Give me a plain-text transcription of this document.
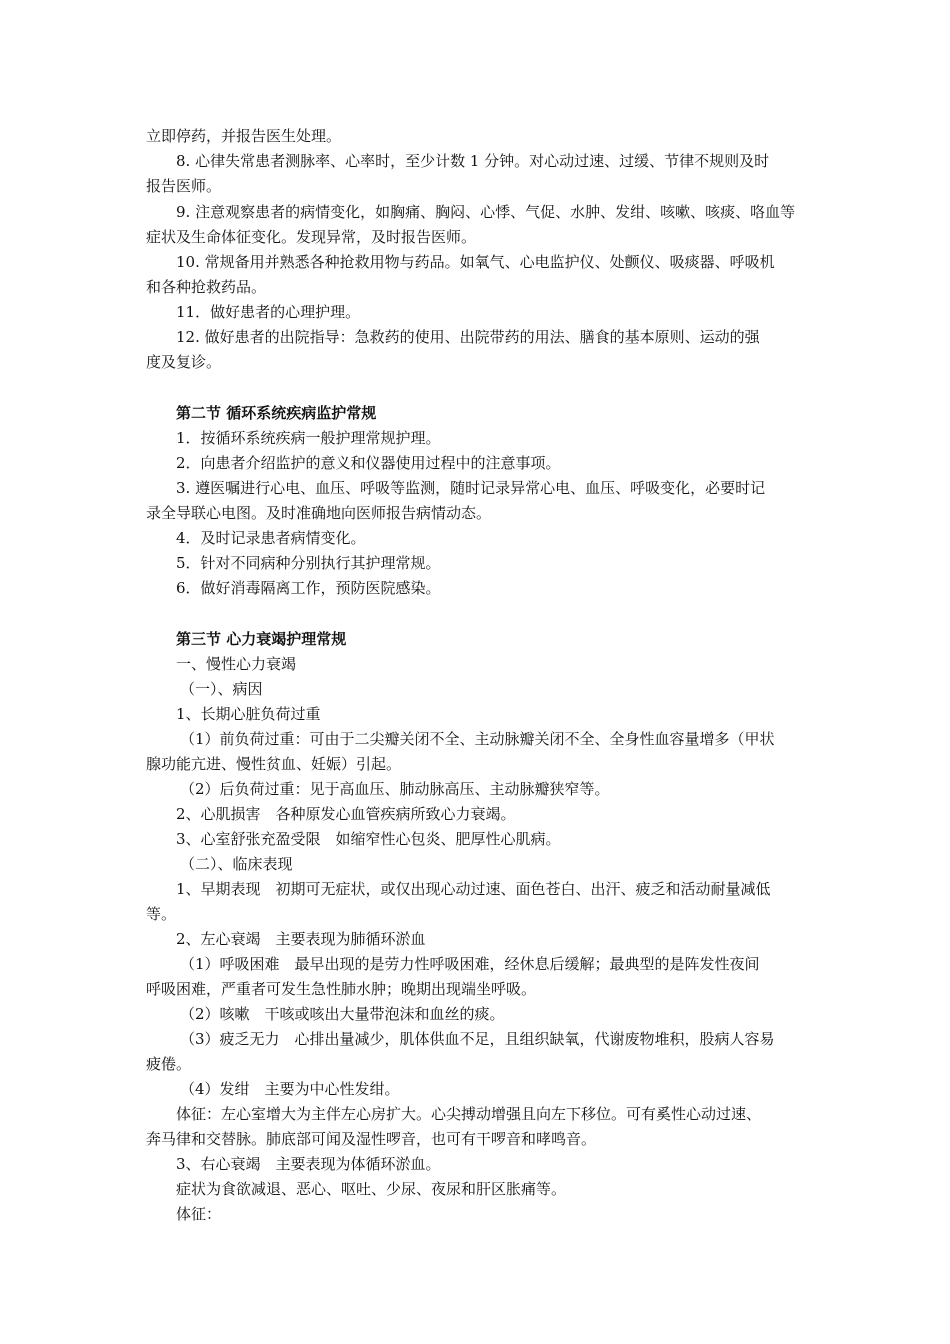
立即停药，并报告医生处理。
8. 心律失常患者测脉率、心率时，至少计数 1 分钟。对心动过速、过缓、节律不规则及时
报告医师。
9. 注意观察患者的病情变化，如胸痛、胸闷、心悸、气促、水肿、发绀、咳嗽、咳痰、咯血等
症状及生命体征变化。发现异常，及时报告医师。
10. 常规备用并熟悉各种抢救用物与药品。如氧气、心电监护仪、处颤仪、吸痰器、呼吸机
和各种抢救药品。
11．做好患者的心理护理。
12. 做好患者的出院指导：急救药的使用、出院带药的用法、膳食的基本原则、运动的强
度及复诊。
第二节 循环系统疾病监护常规
1．按循环系统疾病一般护理常规护理。
2．向患者介绍监护的意义和仪器使用过程中的注意事项。
3. 遵医嘱进行心电、血压、呼吸等监测，随时记录异常心电、血压、呼吸变化，必要时记
录全导联心电图。及时准确地向医师报告病情动态。
4．及时记录患者病情变化。
5．针对不同病种分别执行其护理常规。
6．做好消毒隔离工作，预防医院感染。
第三节 心力衰竭护理常规
一、慢性心力衰竭
（一）、病因
1、长期心脏负荷过重
（1）前负荷过重：可由于二尖瓣关闭不全、主动脉瓣关闭不全、全身性血容量增多（甲状
腺功能亢进、慢性贫血、妊娠）引起。
（2）后负荷过重：见于高血压、肺动脉高压、主动脉瓣狭窄等。
2、心肌损害　各种原发心血管疾病所致心力衰竭。
3、心室舒张充盈受限　如缩窄性心包炎、肥厚性心肌病。
（二）、临床表现
1、早期表现　初期可无症状，或仅出现心动过速、面色苍白、出汗、疲乏和活动耐量减低
等。
2、左心衰竭　主要表现为肺循环淤血
（1）呼吸困难　最早出现的是劳力性呼吸困难，经休息后缓解；最典型的是阵发性夜间
呼吸困难，严重者可发生急性肺水肿；晚期出现端坐呼吸。
（2）咳嗽　干咳或咳出大量带泡沫和血丝的痰。
（3）疲乏无力　心排出量减少，肌体供血不足，且组织缺氧，代谢废物堆积，股病人容易
疲倦。
（4）发绀　主要为中心性发绀。
体征：左心室增大为主伴左心房扩大。心尖搏动增强且向左下移位。可有奚性心动过速、
奔马律和交替脉。肺底部可闻及湿性啰音，也可有干啰音和哮鸣音。
3、右心衰竭　主要表现为体循环淤血。
症状为食欲减退、恶心、呕吐、少尿、夜尿和肝区胀痛等。
体征：
